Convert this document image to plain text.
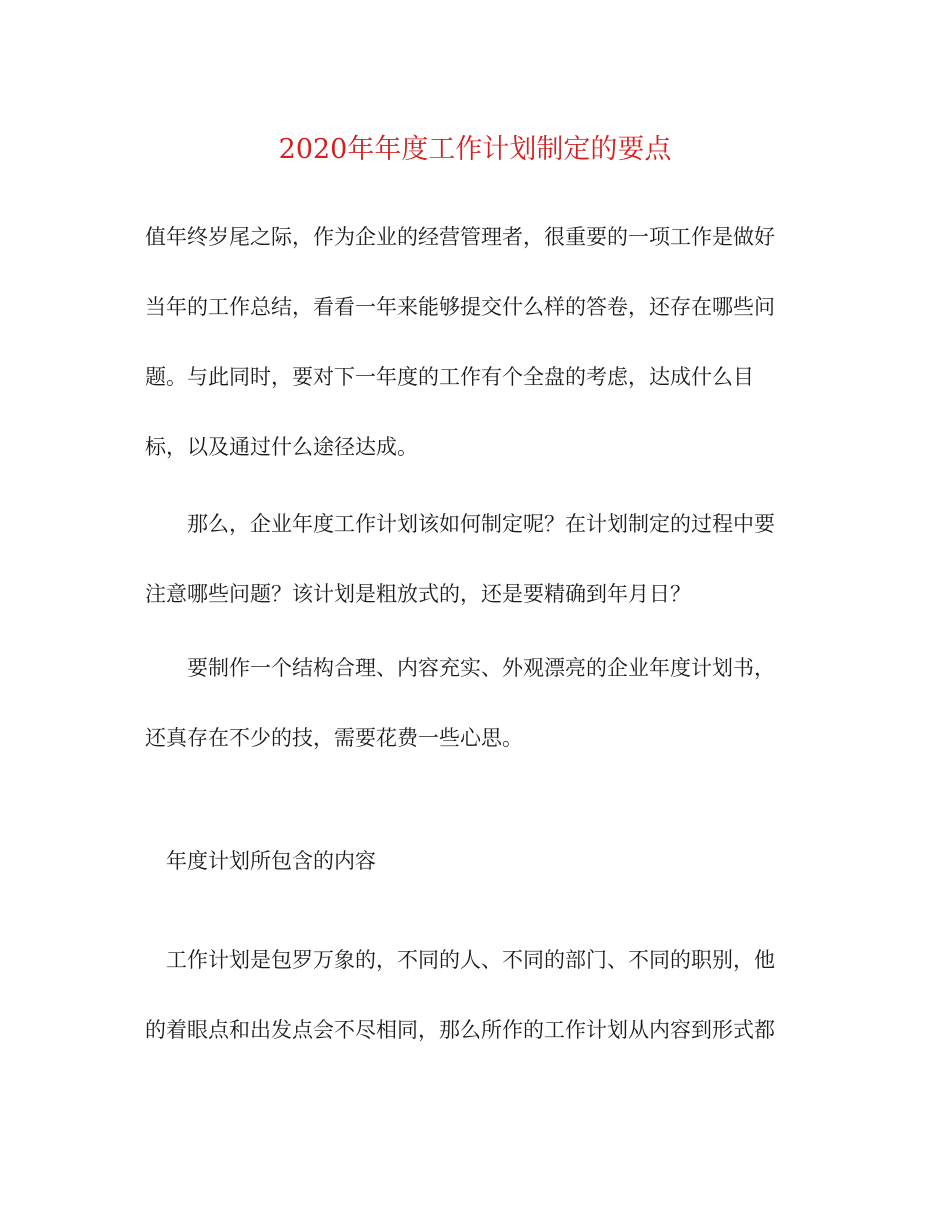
2020年年度工作计划制定的要点
值年终岁尾之际，作为企业的经营管理者，很重要的一项工作是做好
当年的工作总结，看看一年来能够提交什么样的答卷，还存在哪些问
题。与此同时，要对下一年度的工作有个全盘的考虑，达成什么目
标，以及通过什么途径达成。
那么，企业年度工作计划该如何制定呢？在计划制定的过程中要
注意哪些问题？该计划是粗放式的，还是要精确到年月日？
要制作一个结构合理、内容充实、外观漂亮的企业年度计划书，
还真存在不少的技，需要花费一些心思。
年度计划所包含的内容
工作计划是包罗万象的，不同的人、不同的部门、不同的职别，他
的着眼点和出发点会不尽相同，那么所作的工作计划从内容到形式都
